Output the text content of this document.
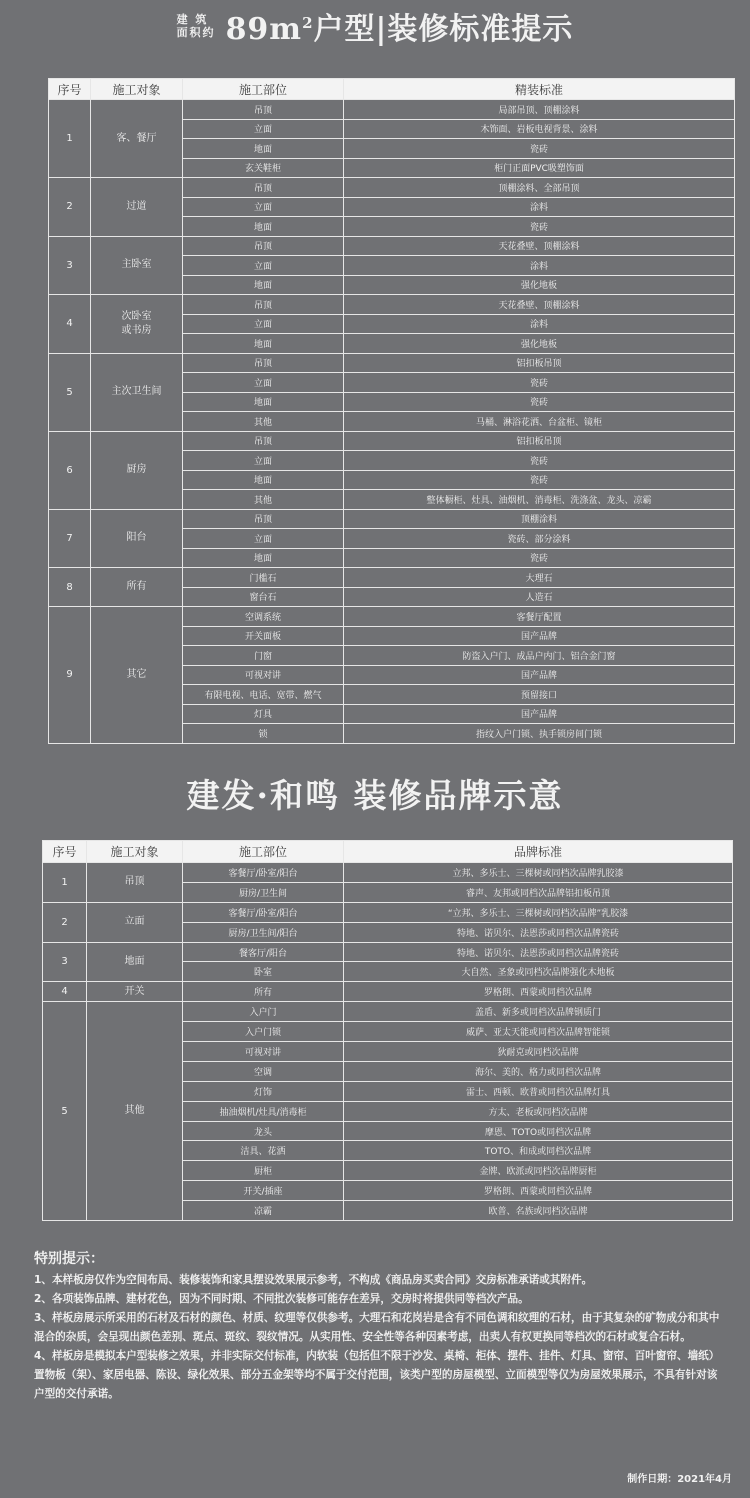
建 筑
面积约 $89m^2$户型|装修标准提示
序号	施工对象	施工部位	精装标准
1	客、餐厅	吊顶	局部吊顶、顶棚涂料
		立面	木饰面、岩板电视背景、涂料
		地面	瓷砖
		玄关鞋柜	柜门正面PVC吸塑饰面
2	过道	吊顶	顶棚涂料、全部吊顶
		立面	涂料
		地面	瓷砖
3	主卧室	吊顶	天花叠壁、顶棚涂料
		立面	涂料
		地面	强化地板
4	次卧室
或书房	吊顶	天花叠壁、顶棚涂料
		立面	涂料
		地面	强化地板
5	主次卫生间	吊顶	铝扣板吊顶
		立面	瓷砖
		地面	瓷砖
		其他	马桶、淋浴花洒、台盆柜、镜柜
6	厨房	吊顶	铝扣板吊顶
		立面	瓷砖
		地面	瓷砖
		其他	整体橱柜、灶具、油烟机、消毒柜、洗涤盆、龙头、凉霸
7	阳台	吊顶	顶棚涂料
		立面	瓷砖、部分涂料
		地面	瓷砖
8	所有	门槛石	大理石
		窗台石	人造石
9	其它	空调系统	客餐厅配置
		开关面板	国产品牌
		门窗	防盗入户门、成品户内门、铝合金门窗
		可视对讲	国产品牌
		有限电视、电话、宽带、燃气	预留接口
		灯具	国产品牌
		锁	指纹入户门锁、执手锁房间门锁
建发·和鸣 装修品牌示意
序号	施工对象	施工部位	品牌标准
1	吊顶	客餐厅/卧室/阳台	立邦、多乐士、三棵树或同档次品牌乳胶漆
		厨房/卫生间	睿声、友邦或同档次品牌铝扣板吊顶
2	立面	客餐厅/卧室/阳台	“立邦、多乐士、三棵树或同档次品牌”乳胶漆
		厨房/卫生间/阳台	特地、诺贝尔、法恩莎或同档次品牌瓷砖
3	地面	餐客厅/阳台	特地、诺贝尔、法恩莎或同档次品牌瓷砖
		卧室	大自然、圣象或同档次品牌强化木地板
4	开关	所有	罗格朗、西蒙或同档次品牌
5	其他	入户门	盖盾、新多或同档次品牌钢质门
		入户门锁	威萨、亚太天能或同档次品牌智能锁
		可视对讲	狄耐克或同档次品牌
		空调	海尔、美的、格力或同档次品牌
		灯饰	雷士、西顿、欧普或同档次品牌灯具
		抽油烟机/灶具/消毒柜	方太、老板或同档次品牌
		龙头	摩恩、TOTO或同档次品牌
		洁具、花洒	TOTO、和成或同档次品牌
		厨柜	金牌、欧派或同档次品牌厨柜
		开关/插座	罗格朗、西蒙或同档次品牌
		凉霸	欧普、名族或同档次品牌
特别提示：

1、本样板房仅作为空间布局、装修装饰和家具摆设效果展示参考，不构成《商品房买卖合同》交房标准承诺或其附件。

2、各项装饰品牌、建材花色，因为不同时期、不同批次装修可能存在差异，交房时将提供同等档次产品。

3、样板房展示所采用的石材及石材的颜色、材质、纹理等仅供参考。大理石和花岗岩是含有不同色调和纹理的石材，由于其复杂的矿物成分和其中混合的杂质，会呈现出颜色差别、斑点、斑纹、裂纹情况。从实用性、安全性等各种因素考虑，出卖人有权更换同等档次的石材或复合石材。

4、样板房是模拟本户型装修之效果，并非实际交付标准，内软装（包括但不限于沙发、桌椅、柜体、摆件、挂件、灯具、窗帘、百叶窗帘、墙纸）置物板（架）、家居电器、陈设、绿化效果、部分五金架等均不属于交付范围，该类户型的房屋模型、立面模型等仅为房屋效果展示，不具有针对该户型的交付承诺。

制作日期：2021年4月
